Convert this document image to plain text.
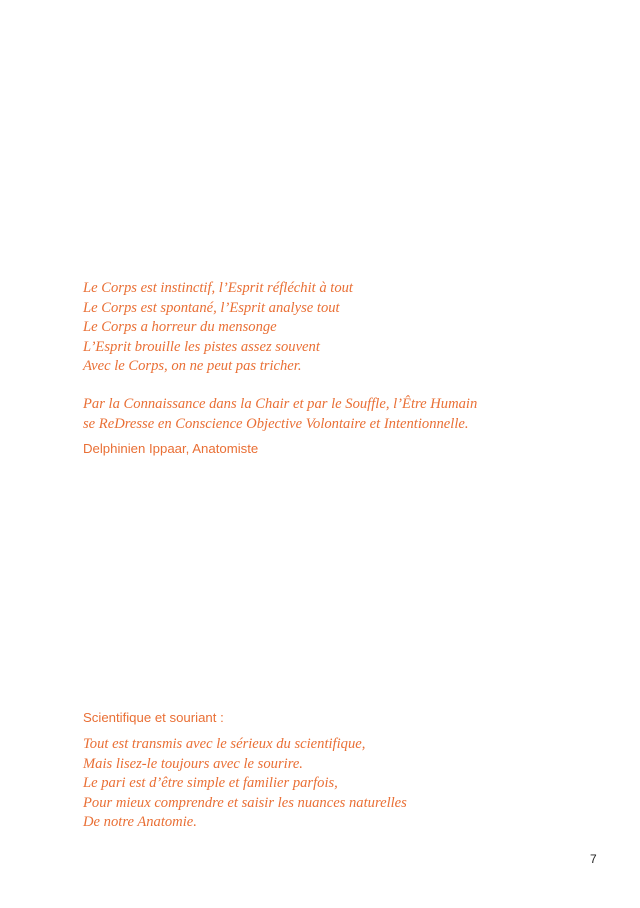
Le Corps est instinctif, l’Esprit réfléchit à tout
Le Corps est spontané, l’Esprit analyse tout
Le Corps a horreur du mensonge
L’Esprit brouille les pistes assez souvent
Avec le Corps, on ne peut pas tricher.
Par la Connaissance dans la Chair et par le Souffle, l’Être Humain
se ReDresse en Conscience Objective Volontaire et Intentionnelle.
Delphinien Ippaar, Anatomiste
Scientifique et souriant :
Tout est transmis avec le sérieux du scientifique,
Mais lisez-le toujours avec le sourire.
Le pari est d’être simple et familier parfois,
Pour mieux comprendre et saisir les nuances naturelles
De notre Anatomie.
7
